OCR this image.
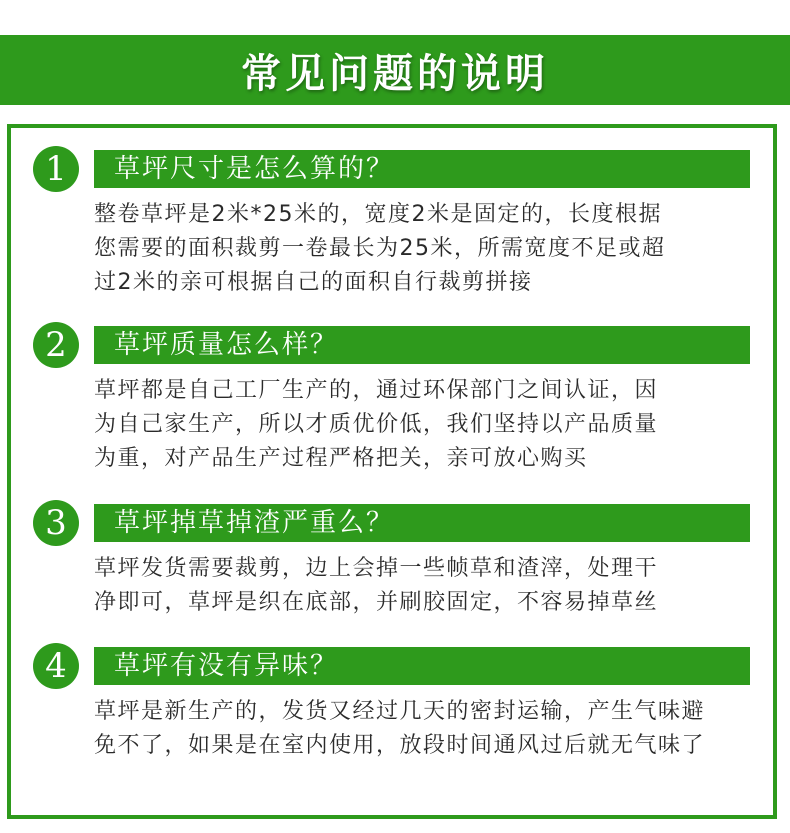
常见问题的说明
1	草坪尺寸是怎么算的？
整卷草坪是2米*25米的，宽度2米是固定的，长度根据
您需要的面积裁剪一卷最长为25米，所需宽度不足或超
过2米的亲可根据自己的面积自行裁剪拼接
2	草坪质量怎么样？
草坪都是自己工厂生产的，通过环保部门之间认证，因
为自己家生产，所以才质优价低，我们坚持以产品质量
为重，对产品生产过程严格把关，亲可放心购买
3	草坪掉草掉渣严重么？
草坪发货需要裁剪，边上会掉一些帧草和渣滓，处理干
净即可，草坪是织在底部，并刷胶固定，不容易掉草丝
4	草坪有没有异味？
草坪是新生产的，发货又经过几天的密封运输，产生气味避
免不了，如果是在室内使用，放段时间通风过后就无气味了
